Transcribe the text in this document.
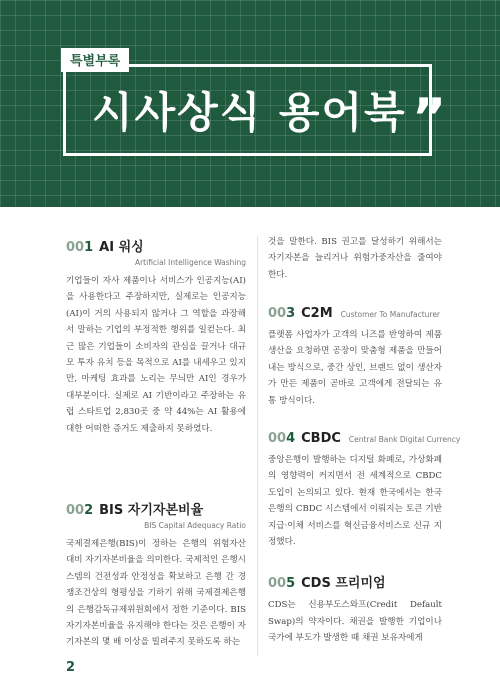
특별부록
시사상식 용어북 ”
001 AI 워싱
Artificial Intelligence Washing
기업들이 자사 제품이나 서비스가 인공지능(AI)을 사용한다고 주장하지만, 실제로는 인공지능(AI)이 거의 사용되지 않거나 그 역할을 과장해서 말하는 기업의 부정적한 행위를 일컫는다. 최근 많은 기업들이 소비자의 관심을 끌거나 대규모 투자 유치 등을 목적으로 AI를 내세우고 있지만, 마케팅 효과를 노리는 무늬만 AI인 경우가 대부분이다. 실제로 AI 기반이라고 주장하는 유럽 스타트업 2,830곳 중 약 44%는 AI 활용에 대한 어떠한 증거도 제출하지 못하였다.
002 BIS 자기자본비율
BIS Capital Adequacy Ratio
국제결제은행(BIS)이 정하는 은행의 위험자산 대비 자기자본비율을 의미한다. 국제적인 은행시스템의 건전성과 안정성을 확보하고 은행 간 경쟁조건상의 형평성을 기하기 위해 국제결제은행의 은행감독규제위원회에서 정한 기준이다. BIS 자기자본비율을 유지해야 한다는 것은 은행이 자기자본의 몇 배 이상을 빌려주지 못하도록 하는
것을 말한다. BIS 권고를 달성하기 위해서는 자기자본을 늘리거나 위험가중자산을 줄여야 한다.
003 C2M Customer To Manufacturer
플랫폼 사업자가 고객의 니즈를 반영하여 제품 생산을 요청하면 공장이 맞춤형 제품을 만들어 내는 방식으로, 중간 상인, 브랜드 없이 생산자가 만든 제품이 곧바로 고객에게 전달되는 유통 방식이다.
004 CBDC Central Bank Digital Currency
중앙은행이 발행하는 디지털 화폐로, 가상화폐의 영향력이 커지면서 전 세계적으로 CBDC 도입이 논의되고 있다. 현재 한국에서는 한국은행의 CBDC 시스템에서 이뤄지는 토큰 기반 지급·이체 서비스를 혁신금융서비스로 신규 지정했다.
005 CDS 프리미엄
CDS는 신용부도스와프(Credit Default Swap)의 약자이다. 채권을 발행한 기업이나 국가에 부도가 발생한 때 채권 보유자에게
2
